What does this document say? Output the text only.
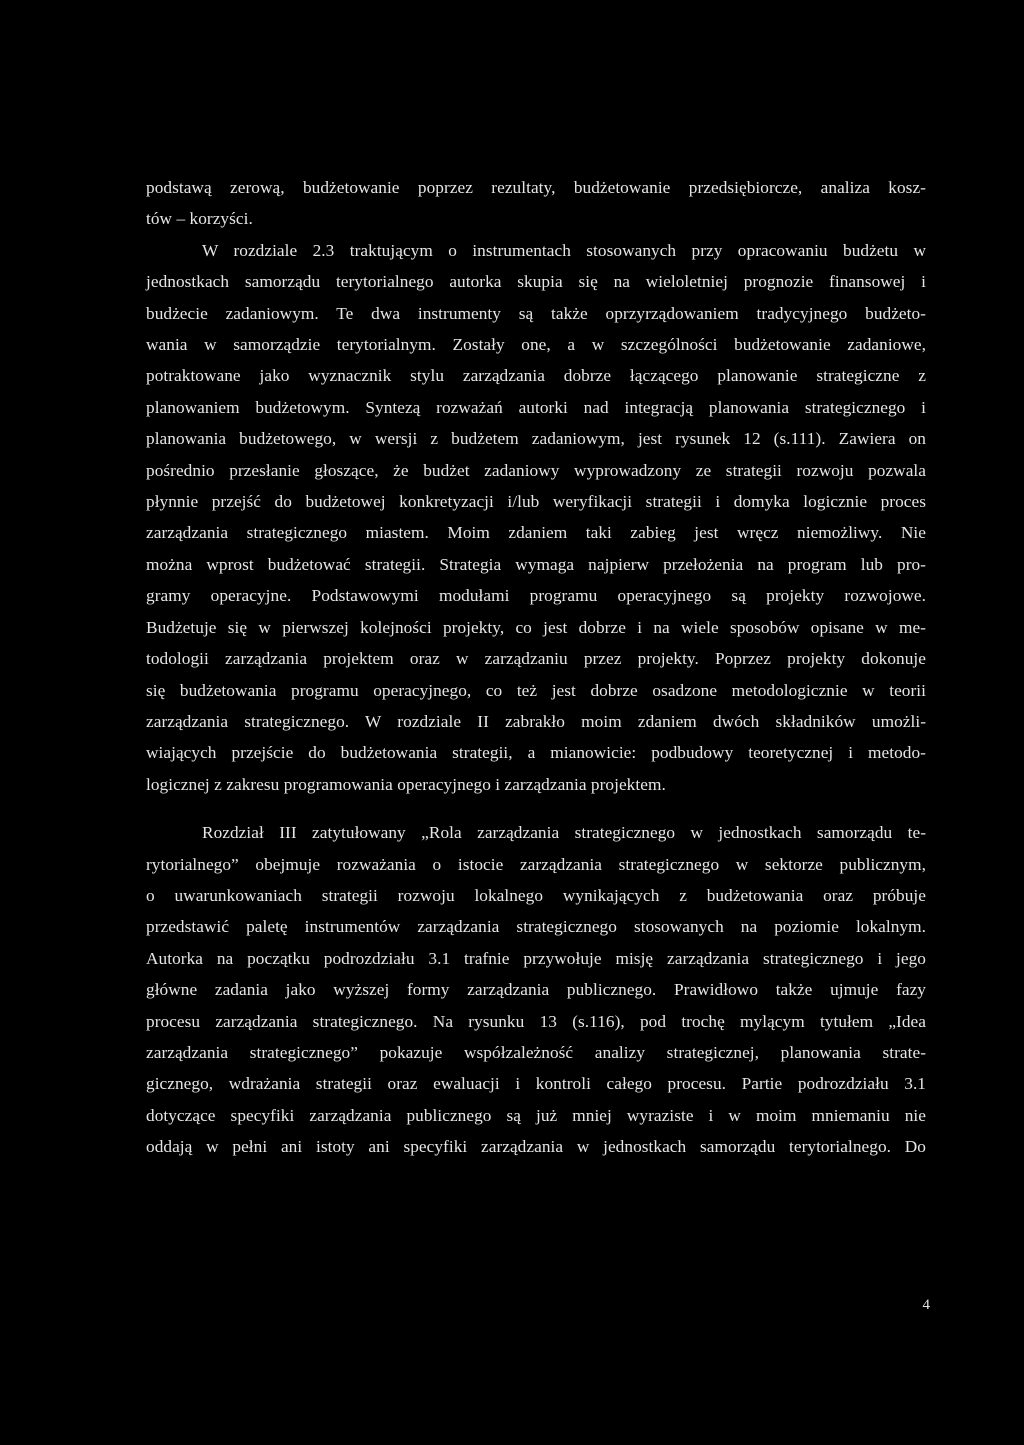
podstawą zerową, budżetowanie poprzez rezultaty, budżetowanie przedsiębiorcze, analiza kosz-
tów – korzyści.

W rozdziale 2.3 traktującym o instrumentach stosowanych przy opracowaniu budżetu w
jednostkach samorządu terytorialnego autorka skupia się na wieloletniej prognozie finansowej i
budżecie zadaniowym. Te dwa instrumenty są także oprzyrządowaniem tradycyjnego budżeto-
wania w samorządzie terytorialnym. Zostały one, a w szczególności budżetowanie zadaniowe,
potraktowane jako wyznacznik stylu zarządzania dobrze łączącego planowanie strategiczne z
planowaniem budżetowym. Syntezą rozważań autorki nad integracją planowania strategicznego i
planowania budżetowego, w wersji z budżetem zadaniowym, jest rysunek 12 (s.111). Zawiera on
pośrednio przesłanie głoszące, że budżet zadaniowy wyprowadzony ze strategii rozwoju pozwala
płynnie przejść do budżetowej konkretyzacji i/lub weryfikacji strategii i domyka logicznie proces
zarządzania strategicznego miastem. Moim zdaniem taki zabieg jest wręcz niemożliwy. Nie
można wprost budżetować strategii. Strategia wymaga najpierw przełożenia na program lub pro-
gramy operacyjne. Podstawowymi modułami programu operacyjnego są projekty rozwojowe.
Budżetuje się w pierwszej kolejności projekty, co jest dobrze i na wiele sposobów opisane w me-
todologii zarządzania projektem oraz w zarządzaniu przez projekty. Poprzez projekty dokonuje
się budżetowania programu operacyjnego, co też jest dobrze osadzone metodologicznie w teorii
zarządzania strategicznego. W rozdziale II zabrakło moim zdaniem dwóch składników umożli-
wiających przejście do budżetowania strategii, a mianowicie: podbudowy teoretycznej i metodo-
logicznej z zakresu programowania operacyjnego i zarządzania projektem.

Rozdział III zatytułowany „Rola zarządzania strategicznego w jednostkach samorządu te-
rytorialnego” obejmuje rozważania o istocie zarządzania strategicznego w sektorze publicznym,
o uwarunkowaniach strategii rozwoju lokalnego wynikających z budżetowania oraz próbuje
przedstawić paletę instrumentów zarządzania strategicznego stosowanych na poziomie lokalnym.
Autorka na początku podrozdziału 3.1 trafnie przywołuje misję zarządzania strategicznego i jego
główne zadania jako wyższej formy zarządzania publicznego. Prawidłowo także ujmuje fazy
procesu zarządzania strategicznego. Na rysunku 13 (s.116), pod trochę mylącym tytułem „Idea
zarządzania strategicznego” pokazuje współzależność analizy strategicznej, planowania strate-
gicznego, wdrażania strategii oraz ewaluacji i kontroli całego procesu. Partie podrozdziału 3.1
dotyczące specyfiki zarządzania publicznego są już mniej wyraziste i w moim mniemaniu nie
oddają w pełni ani istoty ani specyfiki zarządzania w jednostkach samorządu terytorialnego. Do

4
